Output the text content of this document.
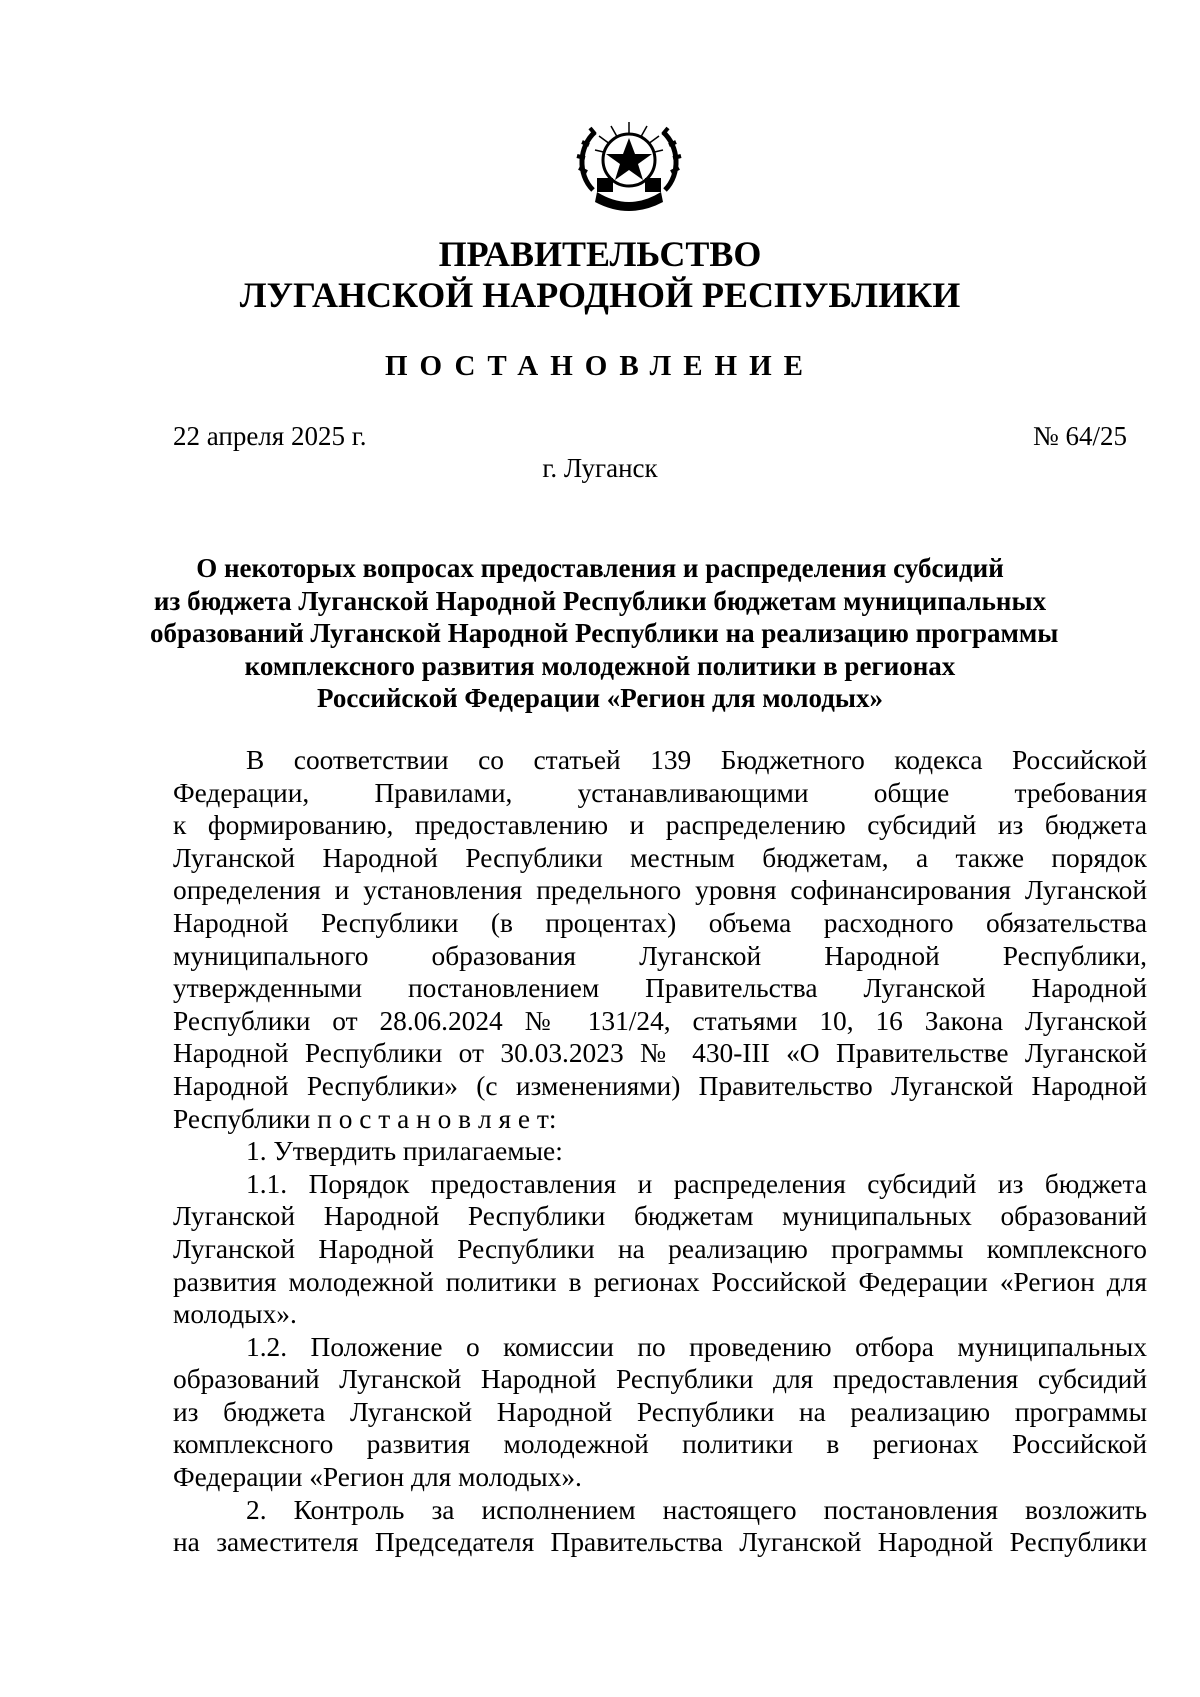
ПРАВИТЕЛЬСТВО
ЛУГАНСКОЙ НАРОДНОЙ РЕСПУБЛИКИ
ПОСТАНОВЛЕНИЕ
22 апреля 2025 г.	№ 64/25
г. Луганск
О некоторых вопросах предоставления и распределения субсидий
из бюджета Луганской Народной Республики бюджетам муниципальных
образований Луганской Народной Республики на реализацию программы
комплексного развития молодежной политики в регионах
Российской Федерации «Регион для молодых»
В соответствии со статьей 139 Бюджетного кодекса Российской
Федерации, Правилами, устанавливающими общие требования
к формированию, предоставлению и распределению субсидий из бюджета
Луганской Народной Республики местным бюджетам, а также порядок
определения и установления предельного уровня софинансирования Луганской
Народной Республики (в процентах) объема расходного обязательства
муниципального образования Луганской Народной Республики,
утвержденными постановлением Правительства Луганской Народной
Республики от 28.06.2024 № 131/24, статьями 10, 16 Закона Луганской
Народной Республики от 30.03.2023 № 430-III «О Правительстве Луганской
Народной Республики» (с изменениями) Правительство Луганской Народной
Республики п о с т а н о в л я е т:
1. Утвердить прилагаемые:
1.1. Порядок предоставления и распределения субсидий из бюджета
Луганской Народной Республики бюджетам муниципальных образований
Луганской Народной Республики на реализацию программы комплексного
развития молодежной политики в регионах Российской Федерации «Регион для
молодых».
1.2. Положение о комиссии по проведению отбора муниципальных
образований Луганской Народной Республики для предоставления субсидий
из бюджета Луганской Народной Республики на реализацию программы
комплексного развития молодежной политики в регионах Российской
Федерации «Регион для молодых».
2. Контроль за исполнением настоящего постановления возложить
на заместителя Председателя Правительства Луганской Народной Республики
